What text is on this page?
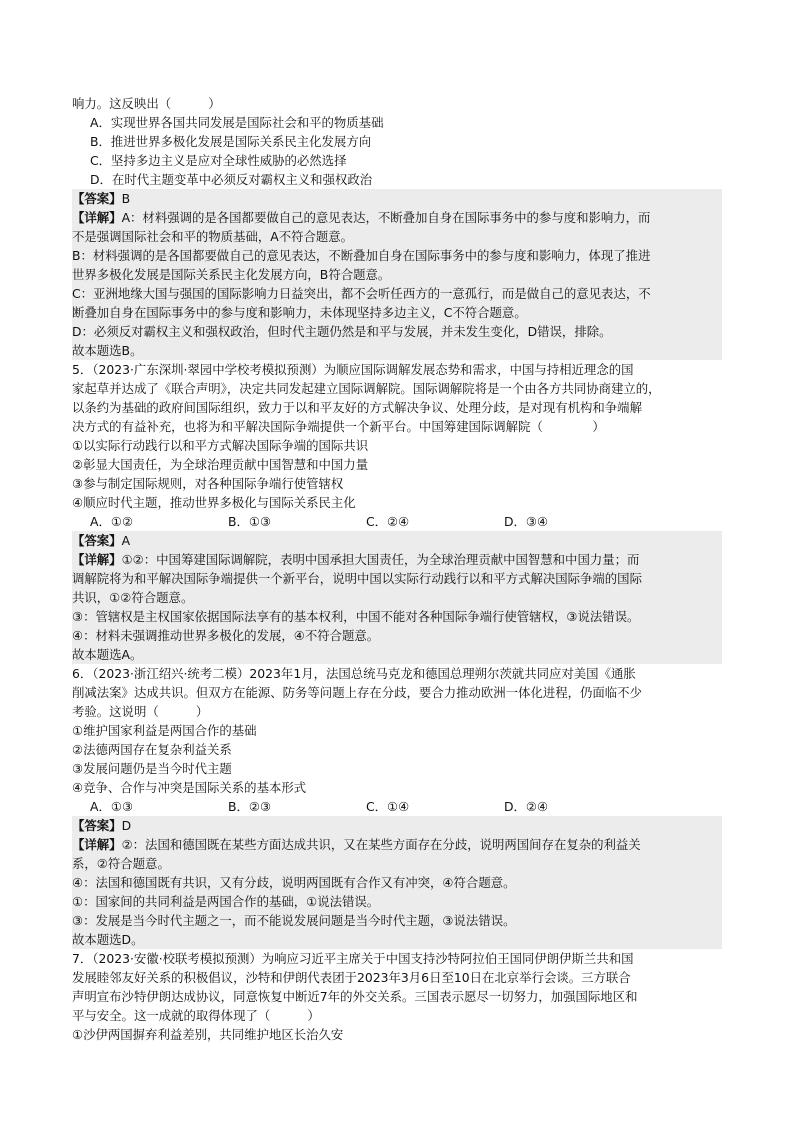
响力。这反映出（　　　）
A．实现世界各国共同发展是国际社会和平的物质基础
B．推进世界多极化发展是国际关系民主化发展方向
C．坚持多边主义是应对全球性威胁的必然选择
D．在时代主题变革中必须反对霸权主义和强权政治
【答案】B
【详解】A：材料强调的是各国都要做自己的意见表达，不断叠加自身在国际事务中的参与度和影响力，而
不是强调国际社会和平的物质基础，A不符合题意。
B：材料强调的是各国都要做自己的意见表达，不断叠加自身在国际事务中的参与度和影响力，体现了推进
世界多极化发展是国际关系民主化发展方向，B符合题意。
C：亚洲地缘大国与强国的国际影响力日益突出，都不会听任西方的一意孤行，而是做自己的意见表达，不
断叠加自身在国际事务中的参与度和影响力，未体现坚持多边主义，C不符合题意。
D：必须反对霸权主义和强权政治，但时代主题仍然是和平与发展，并未发生变化，D错误，排除。
故本题选B。
5．（2023·广东深圳·翠园中学校考模拟预测）为顺应国际调解发展态势和需求，中国与持相近理念的国
家起草并达成了《联合声明》，决定共同发起建立国际调解院。国际调解院将是一个由各方共同协商建立的，
以条约为基础的政府间国际组织，致力于以和平友好的方式解决争议、处理分歧，是对现有机构和争端解
决方式的有益补充，也将为和平解决国际争端提供一个新平台。中国筹建国际调解院（　　　　）
①以实际行动践行以和平方式解决国际争端的国际共识
②彰显大国责任，为全球治理贡献中国智慧和中国力量
③参与制定国际规则，对各种国际争端行使管辖权
④顺应时代主题，推动世界多极化与国际关系民主化
A．①②	B．①③	C．②④	D．③④
【答案】A
【详解】①②：中国筹建国际调解院，表明中国承担大国责任，为全球治理贡献中国智慧和中国力量；而
调解院将为和平解决国际争端提供一个新平台，说明中国以实际行动践行以和平方式解决国际争端的国际
共识，①②符合题意。
③：管辖权是主权国家依据国际法享有的基本权利，中国不能对各种国际争端行使管辖权，③说法错误。
④：材料未强调推动世界多极化的发展，④不符合题意。
故本题选A。
6．（2023·浙江绍兴·统考二模）2023年1月，法国总统马克龙和德国总理朔尔茨就共同应对美国《通胀
削减法案》达成共识。但双方在能源、防务等问题上存在分歧，要合力推动欧洲一体化进程，仍面临不少
考验。这说明（　　　）
①维护国家利益是两国合作的基础
②法德两国存在复杂利益关系
③发展问题仍是当今时代主题
④竞争、合作与冲突是国际关系的基本形式
A．①③	B．②③	C．①④	D．②④
【答案】D
【详解】②：法国和德国既在某些方面达成共识，又在某些方面存在分歧，说明两国间存在复杂的利益关
系，②符合题意。
④：法国和德国既有共识，又有分歧，说明两国既有合作又有冲突，④符合题意。
①：国家间的共同利益是两国合作的基础，①说法错误。
③：发展是当今时代主题之一，而不能说发展问题是当今时代主题，③说法错误。
故本题选D。
7．（2023·安徽·校联考模拟预测）为响应习近平主席关于中国支持沙特阿拉伯王国同伊朗伊斯兰共和国
发展睦邻友好关系的积极倡议，沙特和伊朗代表团于2023年3月6日至10日在北京举行会谈。三方联合
声明宣布沙特伊朗达成协议，同意恢复中断近7年的外交关系。三国表示愿尽一切努力，加强国际地区和
平与安全。这一成就的取得体现了（　　　）
①沙伊两国摒弃利益差别，共同维护地区长治久安
